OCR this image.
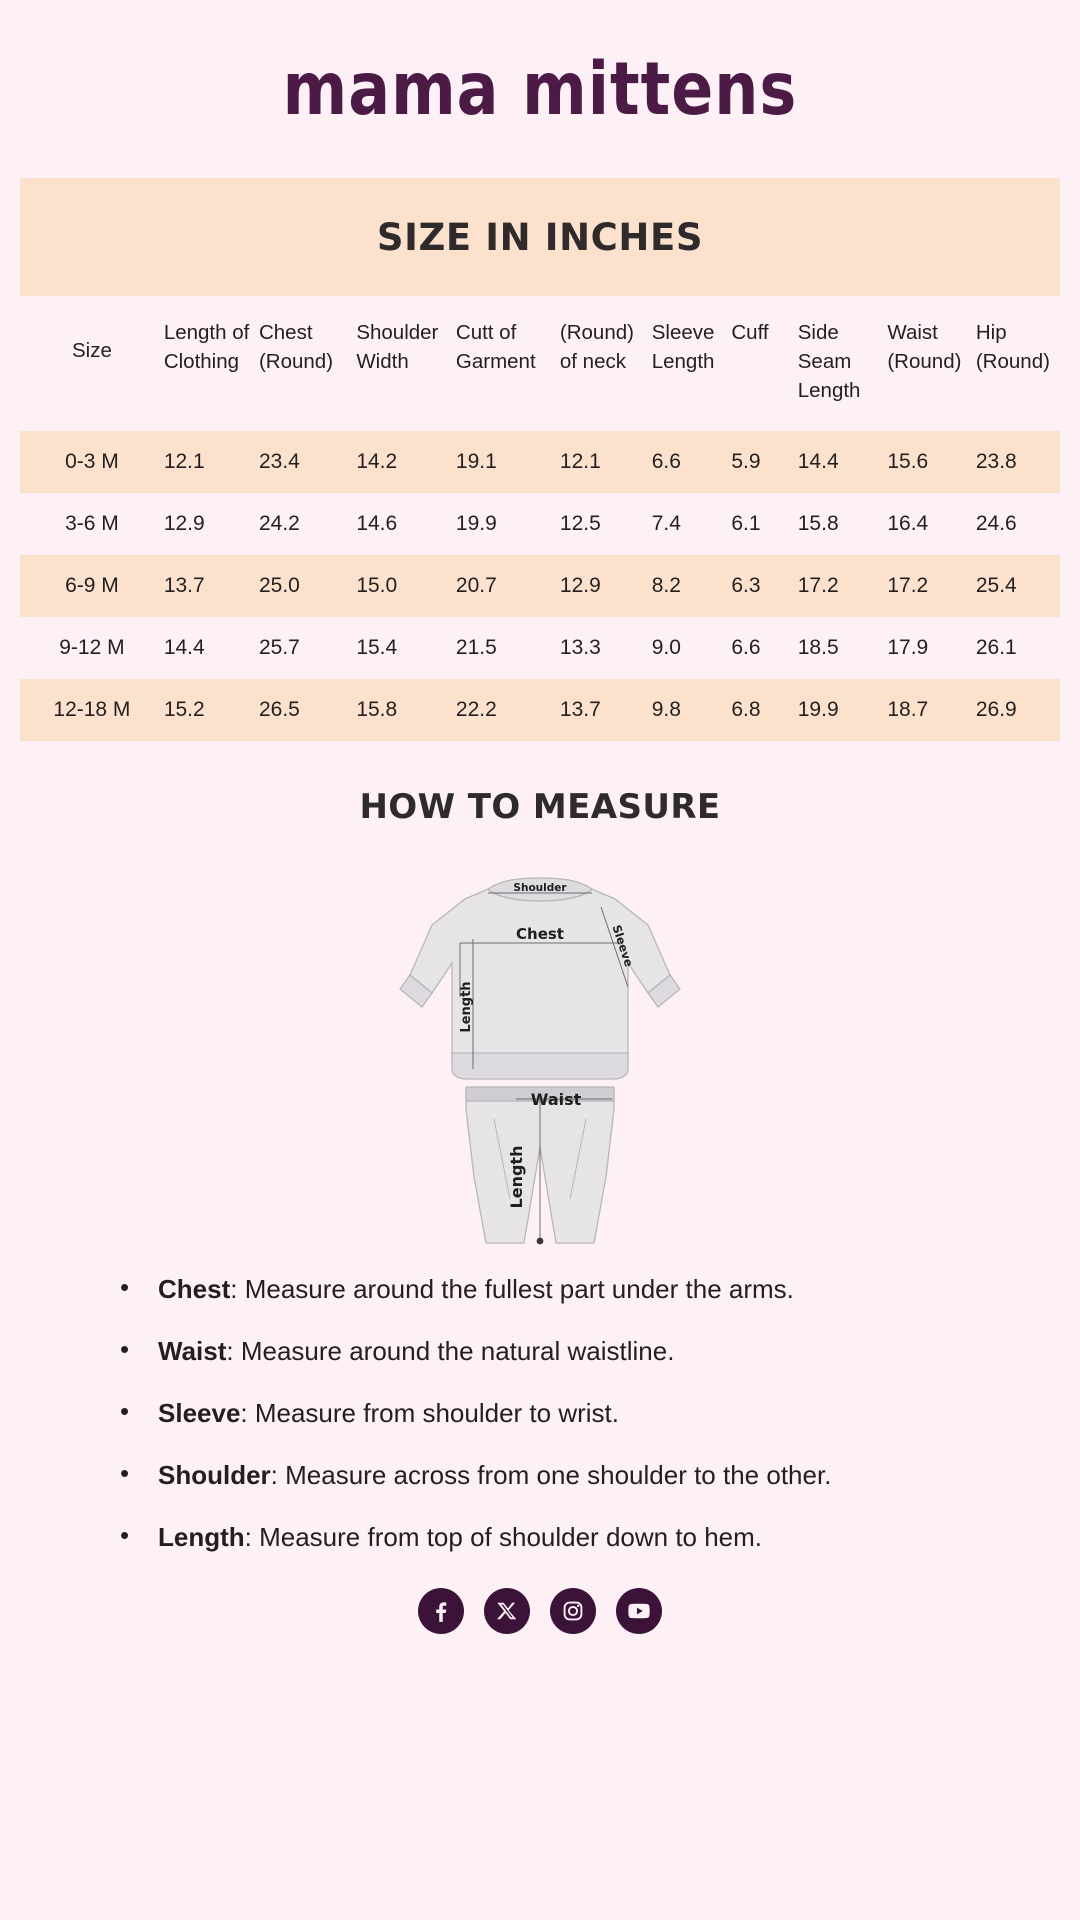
mama mittens
SIZE IN INCHES
Size	Length of Clothing	Chest (Round)	Shoulder Width	Cutt of Garment	(Round) of neck	Sleeve Length	Cuff	Side Seam Length	Waist (Round)	Hip (Round)
0-3 M	12.1	23.4	14.2	19.1	12.1	6.6	5.9	14.4	15.6	23.8
3-6 M	12.9	24.2	14.6	19.9	12.5	7.4	6.1	15.8	16.4	24.6
6-9 M	13.7	25.0	15.0	20.7	12.9	8.2	6.3	17.2	17.2	25.4
9-12 M	14.4	25.7	15.4	21.5	13.3	9.0	6.6	18.5	17.9	26.1
12-18 M	15.2	26.5	15.8	22.2	13.7	9.8	6.8	19.9	18.7	26.9
HOW TO MEASURE
Shoulder
Chest	Sleeve
Length
Waist
Length
• Chest: Measure around the fullest part under the arms.
• Waist: Measure around the natural waistline.
• Sleeve: Measure from shoulder to wrist.
• Shoulder: Measure across from one shoulder to the other.
• Length: Measure from top of shoulder down to hem.
